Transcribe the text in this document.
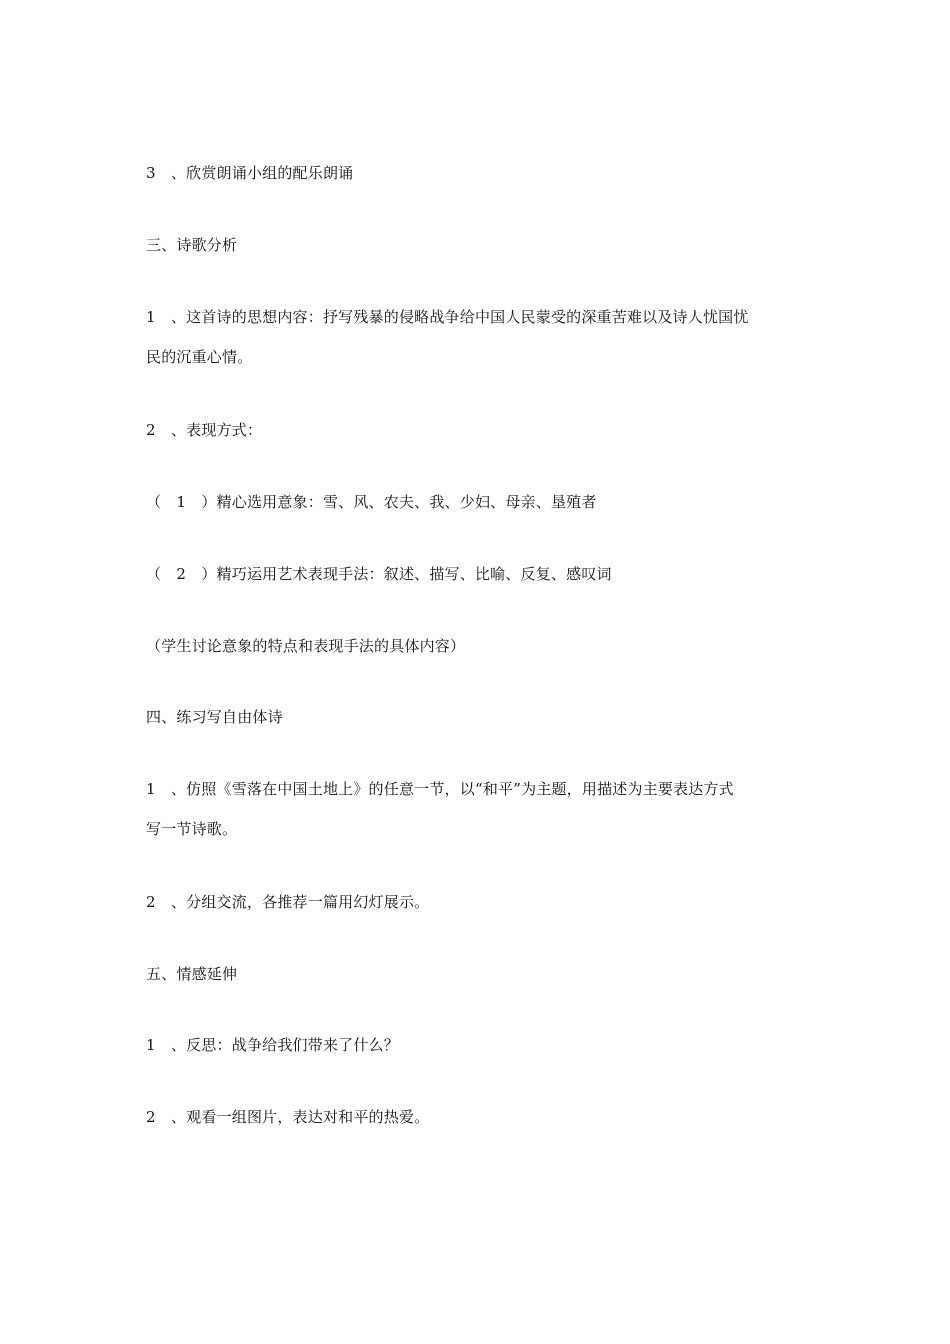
3　、欣赏朗诵小组的配乐朗诵
三、诗歌分析
1　、这首诗的思想内容：抒写残暴的侵略战争给中国人民蒙受的深重苦难以及诗人忧国忧
民的沉重心情。
2　、表现方式：
（　1　）精心选用意象：雪、风、农夫、我、少妇、母亲、垦殖者
（　2　）精巧运用艺术表现手法：叙述、描写、比喻、反复、感叹词
（学生讨论意象的特点和表现手法的具体内容）
四、练习写自由体诗
1　、仿照《雪落在中国土地上》的任意一节，以“和平”为主题，用描述为主要表达方式
写一节诗歌。
2　、分组交流，各推荐一篇用幻灯展示。
五、情感延伸
1　、反思：战争给我们带来了什么？
2　、观看一组图片，表达对和平的热爱。
